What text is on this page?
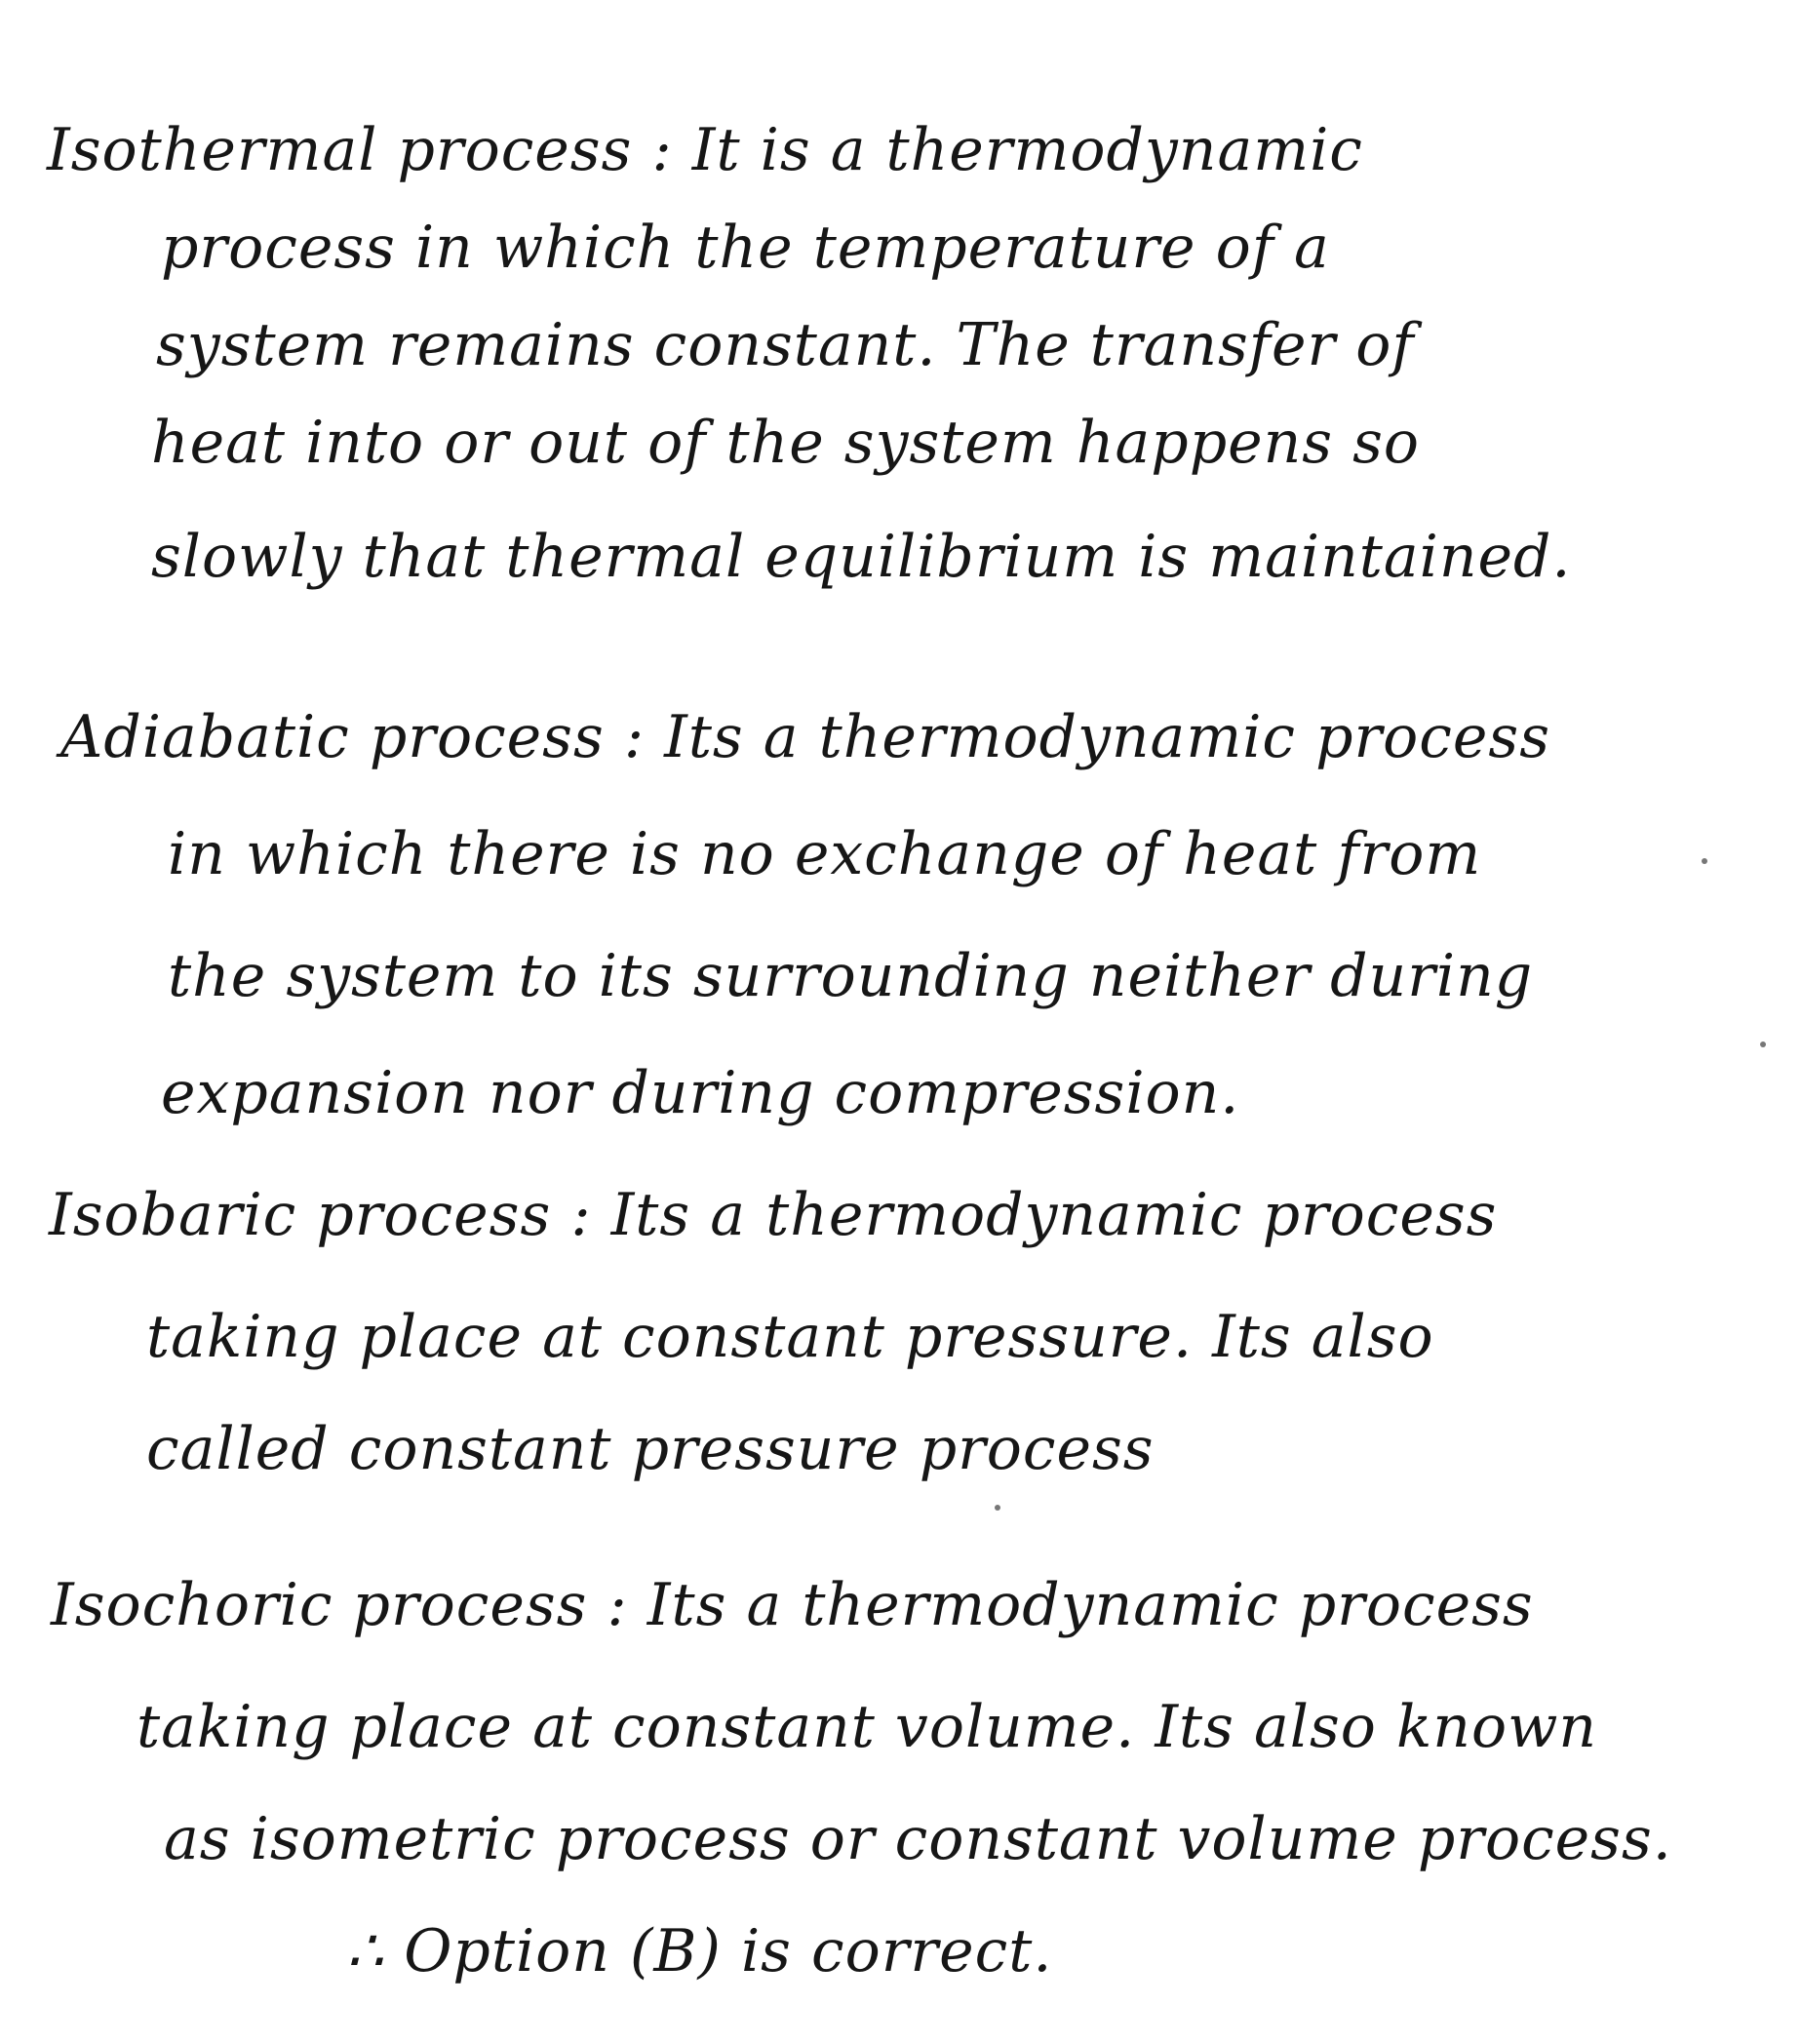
Isothermal process : It is a thermodynamic
process in which the temperature of a
system remains constant. The transfer of
heat into or out of the system happens so
slowly that thermal equilibrium is maintained.
Adiabatic process : Its a thermodynamic process
in which there is no exchange of heat from
the system to its surrounding neither during
expansion nor during compression.
Isobaric process : Its a thermodynamic process
taking place at constant pressure. Its also
called constant pressure process
Isochoric process : Its a thermodynamic process
taking place at constant volume. Its also known
as isometric process or constant volume process.
∴ Option (B) is correct.
